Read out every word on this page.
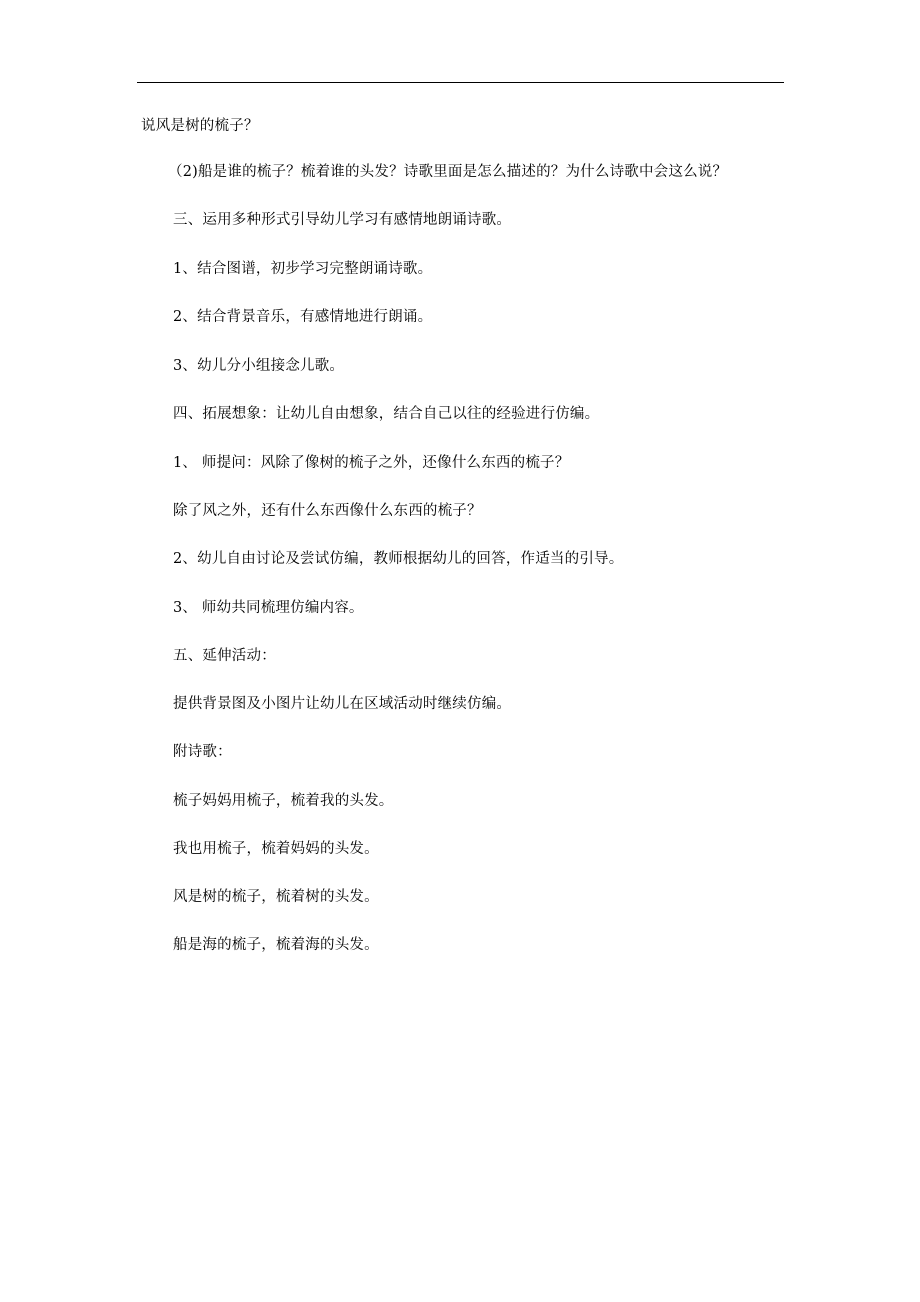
说风是树的梳子？
（2)船是谁的梳子？梳着谁的头发？诗歌里面是怎么描述的？为什么诗歌中会这么说？
三、运用多种形式引导幼儿学习有感情地朗诵诗歌。
1、结合图谱，初步学习完整朗诵诗歌。
2、结合背景音乐，有感情地进行朗诵。
3、幼儿分小组接念儿歌。
四、拓展想象：让幼儿自由想象，结合自己以往的经验进行仿编。
1、 师提问：风除了像树的梳子之外，还像什么东西的梳子？
除了风之外，还有什么东西像什么东西的梳子？
2、幼儿自由讨论及尝试仿编，教师根据幼儿的回答，作适当的引导。
3、 师幼共同梳理仿编内容。
五、延伸活动：
提供背景图及小图片让幼儿在区域活动时继续仿编。
附诗歌：
梳子妈妈用梳子，梳着我的头发。
我也用梳子，梳着妈妈的头发。
风是树的梳子，梳着树的头发。
船是海的梳子，梳着海的头发。
